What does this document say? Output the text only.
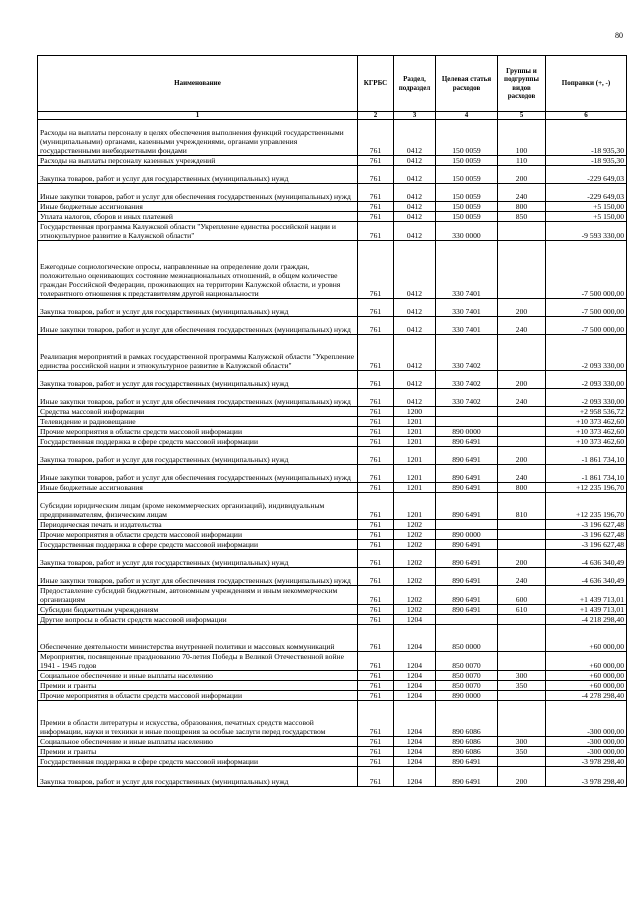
80
Наименование	КГРБС	Раздел, подраздел	Целевая статья расходов	Группы и подгруппы видов расходов	Поправки (+, -)
1	2	3	4	5	6
Расходы на выплаты персоналу в целях обеспечения выполнения функций государственными (муниципальными) органами, казенными учреждениями, органами управления государственными внебюджетными фондами	761	0412	150 0059	100	-18 935,30
Расходы на выплаты персоналу казенных учреждений	761	0412	150 0059	110	-18 935,30
Закупка товаров, работ и услуг для государственных (муниципальных) нужд	761	0412	150 0059	200	-229 649,03
Иные закупки товаров, работ и услуг для обеспечения государственных (муниципальных) нужд	761	0412	150 0059	240	-229 649,03
Иные бюджетные ассигнования	761	0412	150 0059	800	+5 150,00
Уплата налогов, сборов и иных платежей	761	0412	150 0059	850	+5 150,00
Государственная программа Калужской области "Укрепление единства российской нации и этнокультурное развитие в Калужской области"	761	0412	330 0000		-9 593 330,00
Ежегодные социологические опросы, направленные на определение доли граждан, положительно оценивающих состояние межнациональных отношений, в общем количестве граждан Российской Федерации, проживающих на территории Калужской области, и уровня толерантного отношения к представителям другой национальности	761	0412	330 7401		-7 500 000,00
Закупка товаров, работ и услуг для государственных (муниципальных) нужд	761	0412	330 7401	200	-7 500 000,00
Иные закупки товаров, работ и услуг для обеспечения государственных (муниципальных) нужд	761	0412	330 7401	240	-7 500 000,00
Реализация мероприятий в рамках государственной программы Калужской области "Укрепление единства российской нации и этнокультурное развитие в Калужской области"	761	0412	330 7402		-2 093 330,00
Закупка товаров, работ и услуг для государственных (муниципальных) нужд	761	0412	330 7402	200	-2 093 330,00
Иные закупки товаров, работ и услуг для обеспечения государственных (муниципальных) нужд	761	0412	330 7402	240	-2 093 330,00
Средства массовой информации	761	1200			+2 958 536,72
Телевидение и радиовещание	761	1201			+10 373 462,60
Прочие мероприятия в области средств массовой информации	761	1201	890 0000		+10 373 462,60
Государственная поддержка в сфере средств массовой информации	761	1201	890 6491		+10 373 462,60
Закупка товаров, работ и услуг для государственных (муниципальных) нужд	761	1201	890 6491	200	-1 861 734,10
Иные закупки товаров, работ и услуг для обеспечения государственных (муниципальных) нужд	761	1201	890 6491	240	-1 861 734,10
Иные бюджетные ассигнования	761	1201	890 6491	800	+12 235 196,70
Субсидии юридическим лицам (кроме некоммерческих организаций), индивидуальным предпринимателям, физическим лицам	761	1201	890 6491	810	+12 235 196,70
Периодическая печать и издательства	761	1202			-3 196 627,48
Прочие мероприятия в области средств массовой информации	761	1202	890 0000		-3 196 627,48
Государственная поддержка в сфере средств массовой информации	761	1202	890 6491		-3 196 627,48
Закупка товаров, работ и услуг для государственных (муниципальных) нужд	761	1202	890 6491	200	-4 636 340,49
Иные закупки товаров, работ и услуг для обеспечения государственных (муниципальных) нужд	761	1202	890 6491	240	-4 636 340,49
Предоставление субсидий бюджетным, автономным учреждениям и иным некоммерческим организациям	761	1202	890 6491	600	+1 439 713,01
Субсидии бюджетным учреждениям	761	1202	890 6491	610	+1 439 713,01
Другие вопросы в области средств массовой информации	761	1204			-4 218 298,40
Обеспечение деятельности министерства внутренней политики и массовых коммуникаций	761	1204	850 0000		+60 000,00
Мероприятия, посвященные празднованию 70-летия Победы в Великой Отечественной войне 1941 - 1945 годов	761	1204	850 0070		+60 000,00
Социальное обеспечение и иные выплаты населению	761	1204	850 0070	300	+60 000,00
Премии и гранты	761	1204	850 0070	350	+60 000,00
Прочие мероприятия в области средств массовой информации	761	1204	890 0000		-4 278 298,40
Премии в области литературы и искусства, образования, печатных средств массовой информации, науки и техники и иные поощрения за особые заслуги перед государством	761	1204	890 6086		-300 000,00
Социальное обеспечение и иные выплаты населению	761	1204	890 6086	300	-300 000,00
Премии и гранты	761	1204	890 6086	350	-300 000,00
Государственная поддержка в сфере средств массовой информации	761	1204	890 6491		-3 978 298,40
Закупка товаров, работ и услуг для государственных (муниципальных) нужд	761	1204	890 6491	200	-3 978 298,40
